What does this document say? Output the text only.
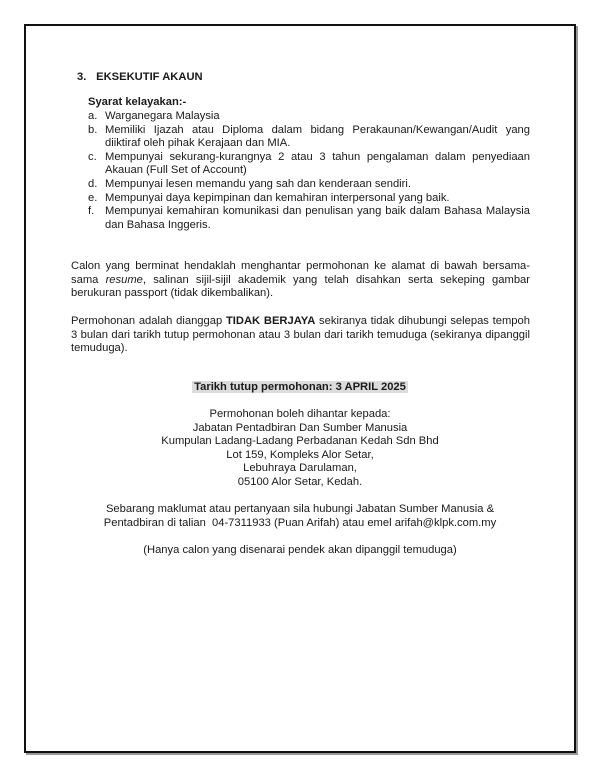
3. EKSEKUTIF AKAUN
Syarat kelayakan:-
a. Warganegara Malaysia
b. Memiliki Ijazah atau Diploma dalam bidang Perakaunan/Kewangan/Audit yang diiktiraf oleh pihak Kerajaan dan MIA.
c. Mempunyai sekurang-kurangnya 2 atau 3 tahun pengalaman dalam penyediaan Akauan (Full Set of Account)
d. Mempunyai lesen memandu yang sah dan kenderaan sendiri.
e. Mempunyai daya kepimpinan dan kemahiran interpersonal yang baik.
f. Mempunyai kemahiran komunikasi dan penulisan yang baik dalam Bahasa Malaysia dan Bahasa Inggeris.
Calon yang berminat hendaklah menghantar permohonan ke alamat di bawah bersama-sama resume, salinan sijil-sijil akademik yang telah disahkan serta sekeping gambar berukuran passport (tidak dikembalikan).
Permohonan adalah dianggap TIDAK BERJAYA sekiranya tidak dihubungi selepas tempoh 3 bulan dari tarikh tutup permohonan atau 3 bulan dari tarikh temuduga (sekiranya dipanggil temuduga).
Tarikh tutup permohonan: 3 APRIL 2025
Permohonan boleh dihantar kepada:
Jabatan Pentadbiran Dan Sumber Manusia
Kumpulan Ladang-Ladang Perbadanan Kedah Sdn Bhd
Lot 159, Kompleks Alor Setar,
Lebuhraya Darulaman,
05100 Alor Setar, Kedah.
Sebarang maklumat atau pertanyaan sila hubungi Jabatan Sumber Manusia &
Pentadbiran di talian  04-7311933 (Puan Arifah) atau emel arifah@klpk.com.my
(Hanya calon yang disenarai pendek akan dipanggil temuduga)
